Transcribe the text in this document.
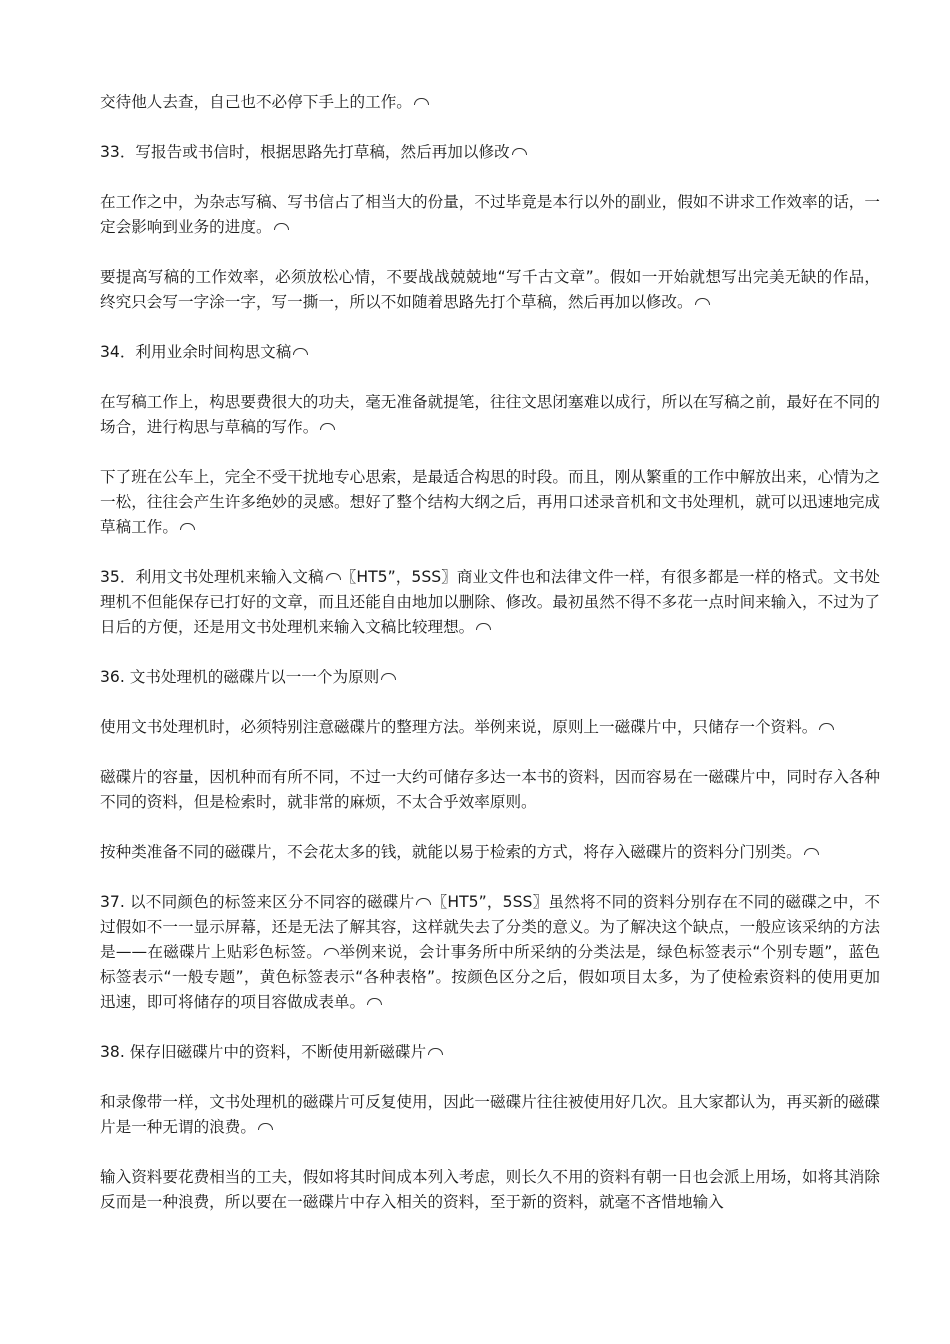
交待他人去查，自己也不必停下手上的工作。

33．写报告或书信时，根据思路先打草稿，然后再加以修改

在工作之中，为杂志写稿、写书信占了相当大的份量，不过毕竟是本行以外的副业，假如不讲求工作效率的话，一定会影响到业务的进度。

要提高写稿的工作效率，必须放松心情，不要战战兢兢地“写千古文章”。假如一开始就想写出完美无缺的作品，终究只会写一字涂一字，写一撕一，所以不如随着思路先打个草稿，然后再加以修改。

34．利用业余时间构思文稿

在写稿工作上，构思要费很大的功夫，毫无准备就提笔，往往文思闭塞难以成行，所以在写稿之前，最好在不同的场合，进行构思与草稿的写作。

下了班在公车上，完全不受干扰地专心思索，是最适合构思的时段。而且，刚从繁重的工作中解放出来，心情为之一松，往往会产生许多绝妙的灵感。想好了整个结构大纲之后，再用口述录音机和文书处理机，就可以迅速地完成草稿工作。

35．利用文书处理机来输入文稿 〖HT5”，5SS〗商业文件也和法律文件一样，有很多都是一样的格式。文书处理机不但能保存已打好的文章，而且还能自由地加以删除、修改。最初虽然不得不多花一点时间来输入，不过为了日后的方便，还是用文书处理机来输入文稿比较理想。

36. 文书处理机的磁碟片以一一个为原则

使用文书处理机时，必须特别注意磁碟片的整理方法。举例来说，原则上一磁碟片中，只储存一个资料。

磁碟片的容量，因机种而有所不同，不过一大约可储存多达一本书的资料，因而容易在一磁碟片中，同时存入各种不同的资料，但是检索时，就非常的麻烦，不太合乎效率原则。

按种类准备不同的磁碟片，不会花太多的钱，就能以易于检索的方式，将存入磁碟片的资料分门别类。

37. 以不同颜色的标签来区分不同容的磁碟片 〖HT5”，5SS〗虽然将不同的资料分别存在不同的磁碟之中，不过假如不一一显示屏幕，还是无法了解其容，这样就失去了分类的意义。为了解决这个缺点，一般应该采纳的方法是——在磁碟片上贴彩色标签。 举例来说，会计事务所中所采纳的分类法是，绿色标签表示“个别专题”，蓝色标签表示“一般专题”，黄色标签表示“各种表格”。按颜色区分之后，假如项目太多，为了使检索资料的使用更加迅速，即可将储存的项目容做成表单。

38. 保存旧磁碟片中的资料，不断使用新磁碟片

和录像带一样，文书处理机的磁碟片可反复使用，因此一磁碟片往往被使用好几次。且大家都认为，再买新的磁碟片是一种无谓的浪费。

输入资料要花费相当的工夫，假如将其时间成本列入考虑，则长久不用的资料有朝一日也会派上用场，如将其消除反而是一种浪费，所以要在一磁碟片中存入相关的资料，至于新的资料，就毫不吝惜地输入
